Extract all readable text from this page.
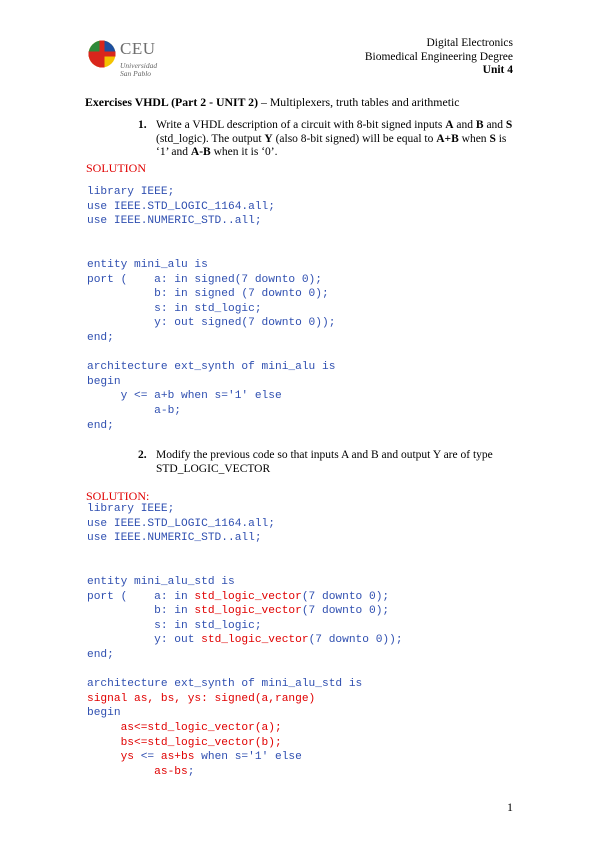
CEU
Universidad
San Pablo
Digital Electronics
Biomedical Engineering Degree
Unit 4
Exercises VHDL (Part 2 - UNIT 2) – Multiplexers, truth tables and arithmetic
1. Write a VHDL description of a circuit with 8-bit signed inputs A and B and S (std_logic). The output Y (also 8-bit signed) will be equal to A+B when S is ‘1’ and A-B when it is ‘0’.
SOLUTION
library IEEE;
use IEEE.STD_LOGIC_1164.all;
use IEEE.NUMERIC_STD..all;

entity mini_alu is
port (    a: in signed(7 downto 0);
b: in signed (7 downto 0);
s: in std_logic;
y: out signed(7 downto 0));
end;

architecture ext_synth of mini_alu is
begin
y <= a+b when s='1' else
a-b;
end;
2. Modify the previous code so that inputs A and B and output Y are of type STD_LOGIC_VECTOR
SOLUTION:
library IEEE;
use IEEE.STD_LOGIC_1164.all;
use IEEE.NUMERIC_STD..all;

entity mini_alu_std is
port (    a: in std_logic_vector(7 downto 0);
b: in std_logic_vector(7 downto 0);
s: in std_logic;
y: out std_logic_vector(7 downto 0));
end;

architecture ext_synth of mini_alu_std is
signal as, bs, ys: signed(a,range)
begin
as<=std_logic_vector(a);
bs<=std_logic_vector(b);
ys <= as+bs when s='1' else
as-bs;
1
